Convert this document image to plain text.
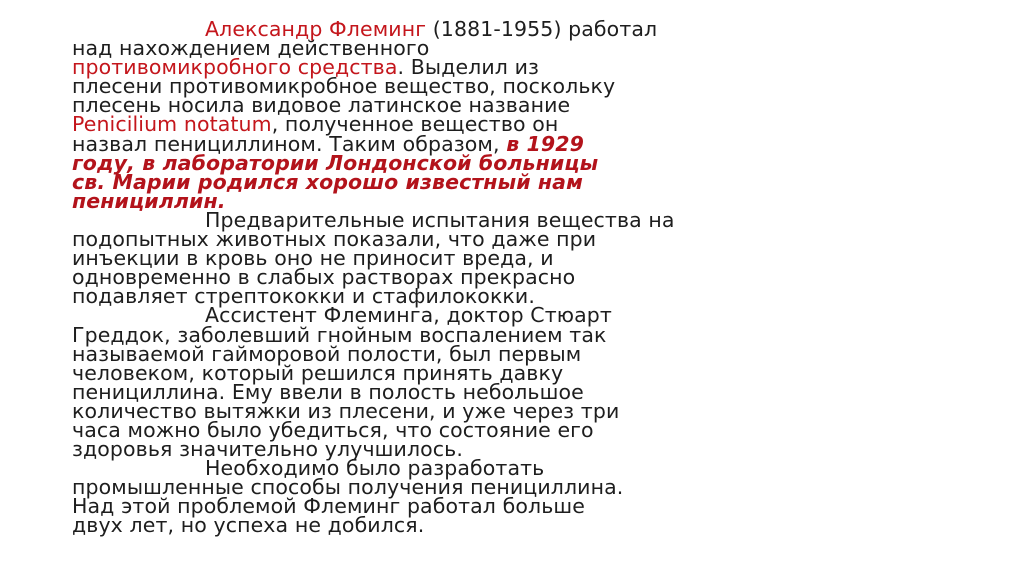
Александр Флеминг (1881-1955) работал
над нахождением действенного
противомикробного средства. Выделил из
плесени противомикробное вещество, поскольку
плесень носила видовое латинское название
Penicilium notatum, полученное вещество он
назвал пенициллином. Таким образом, в 1929
году, в лаборатории Лондонской больницы
св. Марии родился хорошо известный нам
пенициллин.
Предварительные испытания вещества на
подопытных животных показали, что даже при
инъекции в кровь оно не приносит вреда, и
одновременно в слабых растворах прекрасно
подавляет стрептококки и стафилококки.
Ассистент Флеминга, доктор Стюарт
Греддок, заболевший гнойным воспалением так
называемой гайморовой полости, был первым
человеком, который решился принять давку
пенициллина. Ему ввели в полость небольшое
количество вытяжки из плесени, и уже через три
часа можно было убедиться, что состояние его
здоровья значительно улучшилось.
Необходимо было разработать
промышленные способы получения пенициллина.
Над этой проблемой Флеминг работал больше
двух лет, но успеха не добился.
